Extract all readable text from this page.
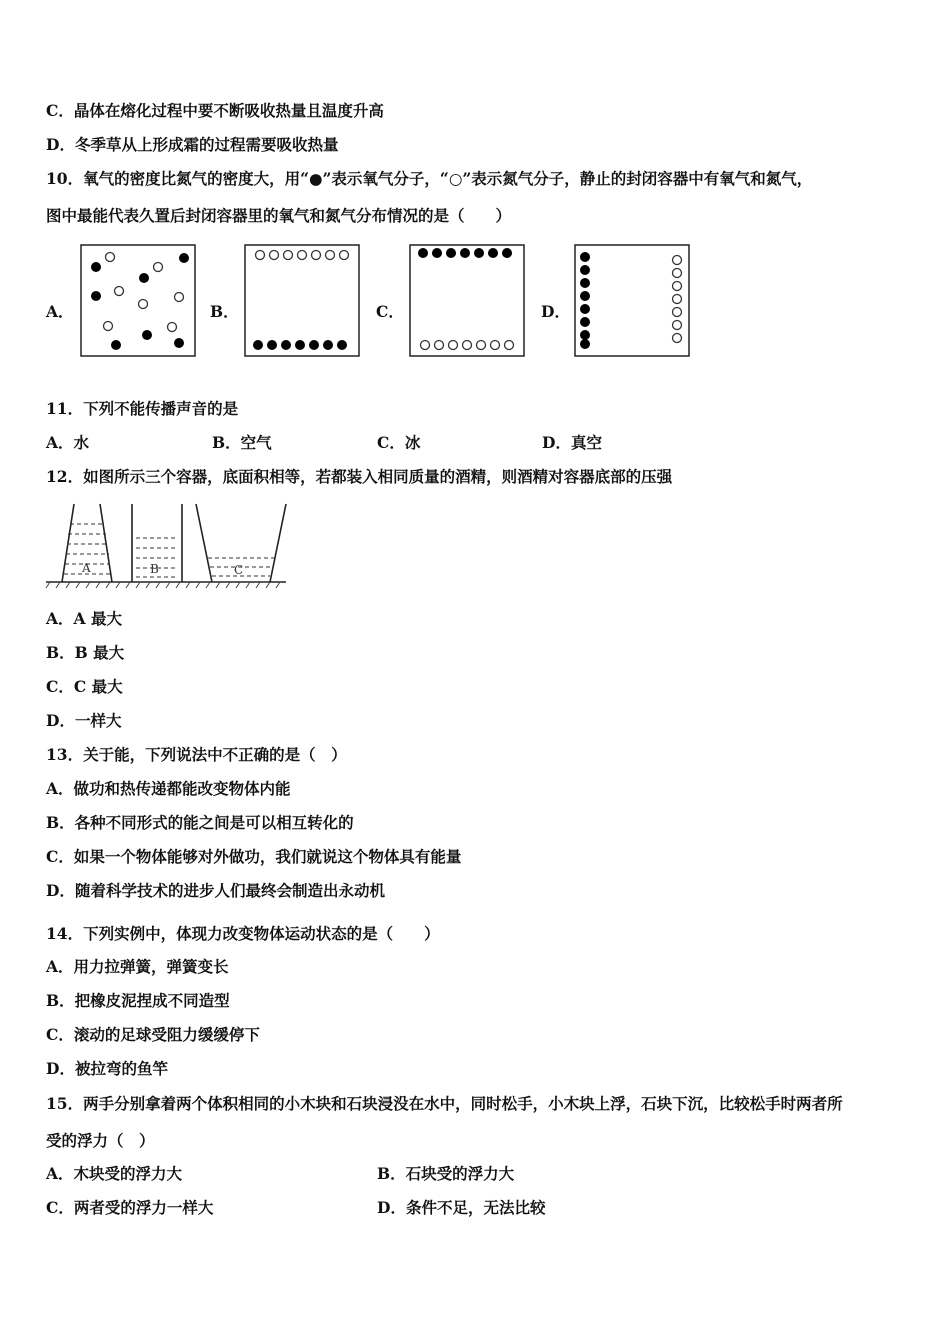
C．晶体在熔化过程中要不断吸收热量且温度升高
D．冬季草从上形成霜的过程需要吸收热量
10．氧气的密度比氮气的密度大，用“●”表示氧气分子，“○”表示氮气分子，静止的封闭容器中有氧气和氮气，
图中最能代表久置后封闭容器里的氧气和氮气分布情况的是（　　）
A．	B．	C．	D．
11．下列不能传播声音的是
A．水	B．空气	C．冰	D．真空
12．如图所示三个容器，底面积相等，若都装入相同质量的酒精，则酒精对容器底部的压强
A	B	C
A．A 最大
B．B 最大
C．C 最大
D．一样大
13．关于能，下列说法中不正确的是（　）
A．做功和热传递都能改变物体内能
B．各种不同形式的能之间是可以相互转化的
C．如果一个物体能够对外做功，我们就说这个物体具有能量
D．随着科学技术的进步人们最终会制造出永动机
14．下列实例中，体现力改变物体运动状态的是（　　）
A．用力拉弹簧，弹簧变长
B．把橡皮泥捏成不同造型
C．滚动的足球受阻力缓缓停下
D．被拉弯的鱼竿
15．两手分别拿着两个体积相同的小木块和石块浸没在水中，同时松手，小木块上浮，石块下沉，比较松手时两者所
受的浮力（　）
A．木块受的浮力大	B．石块受的浮力大
C．两者受的浮力一样大	D．条件不足，无法比较
